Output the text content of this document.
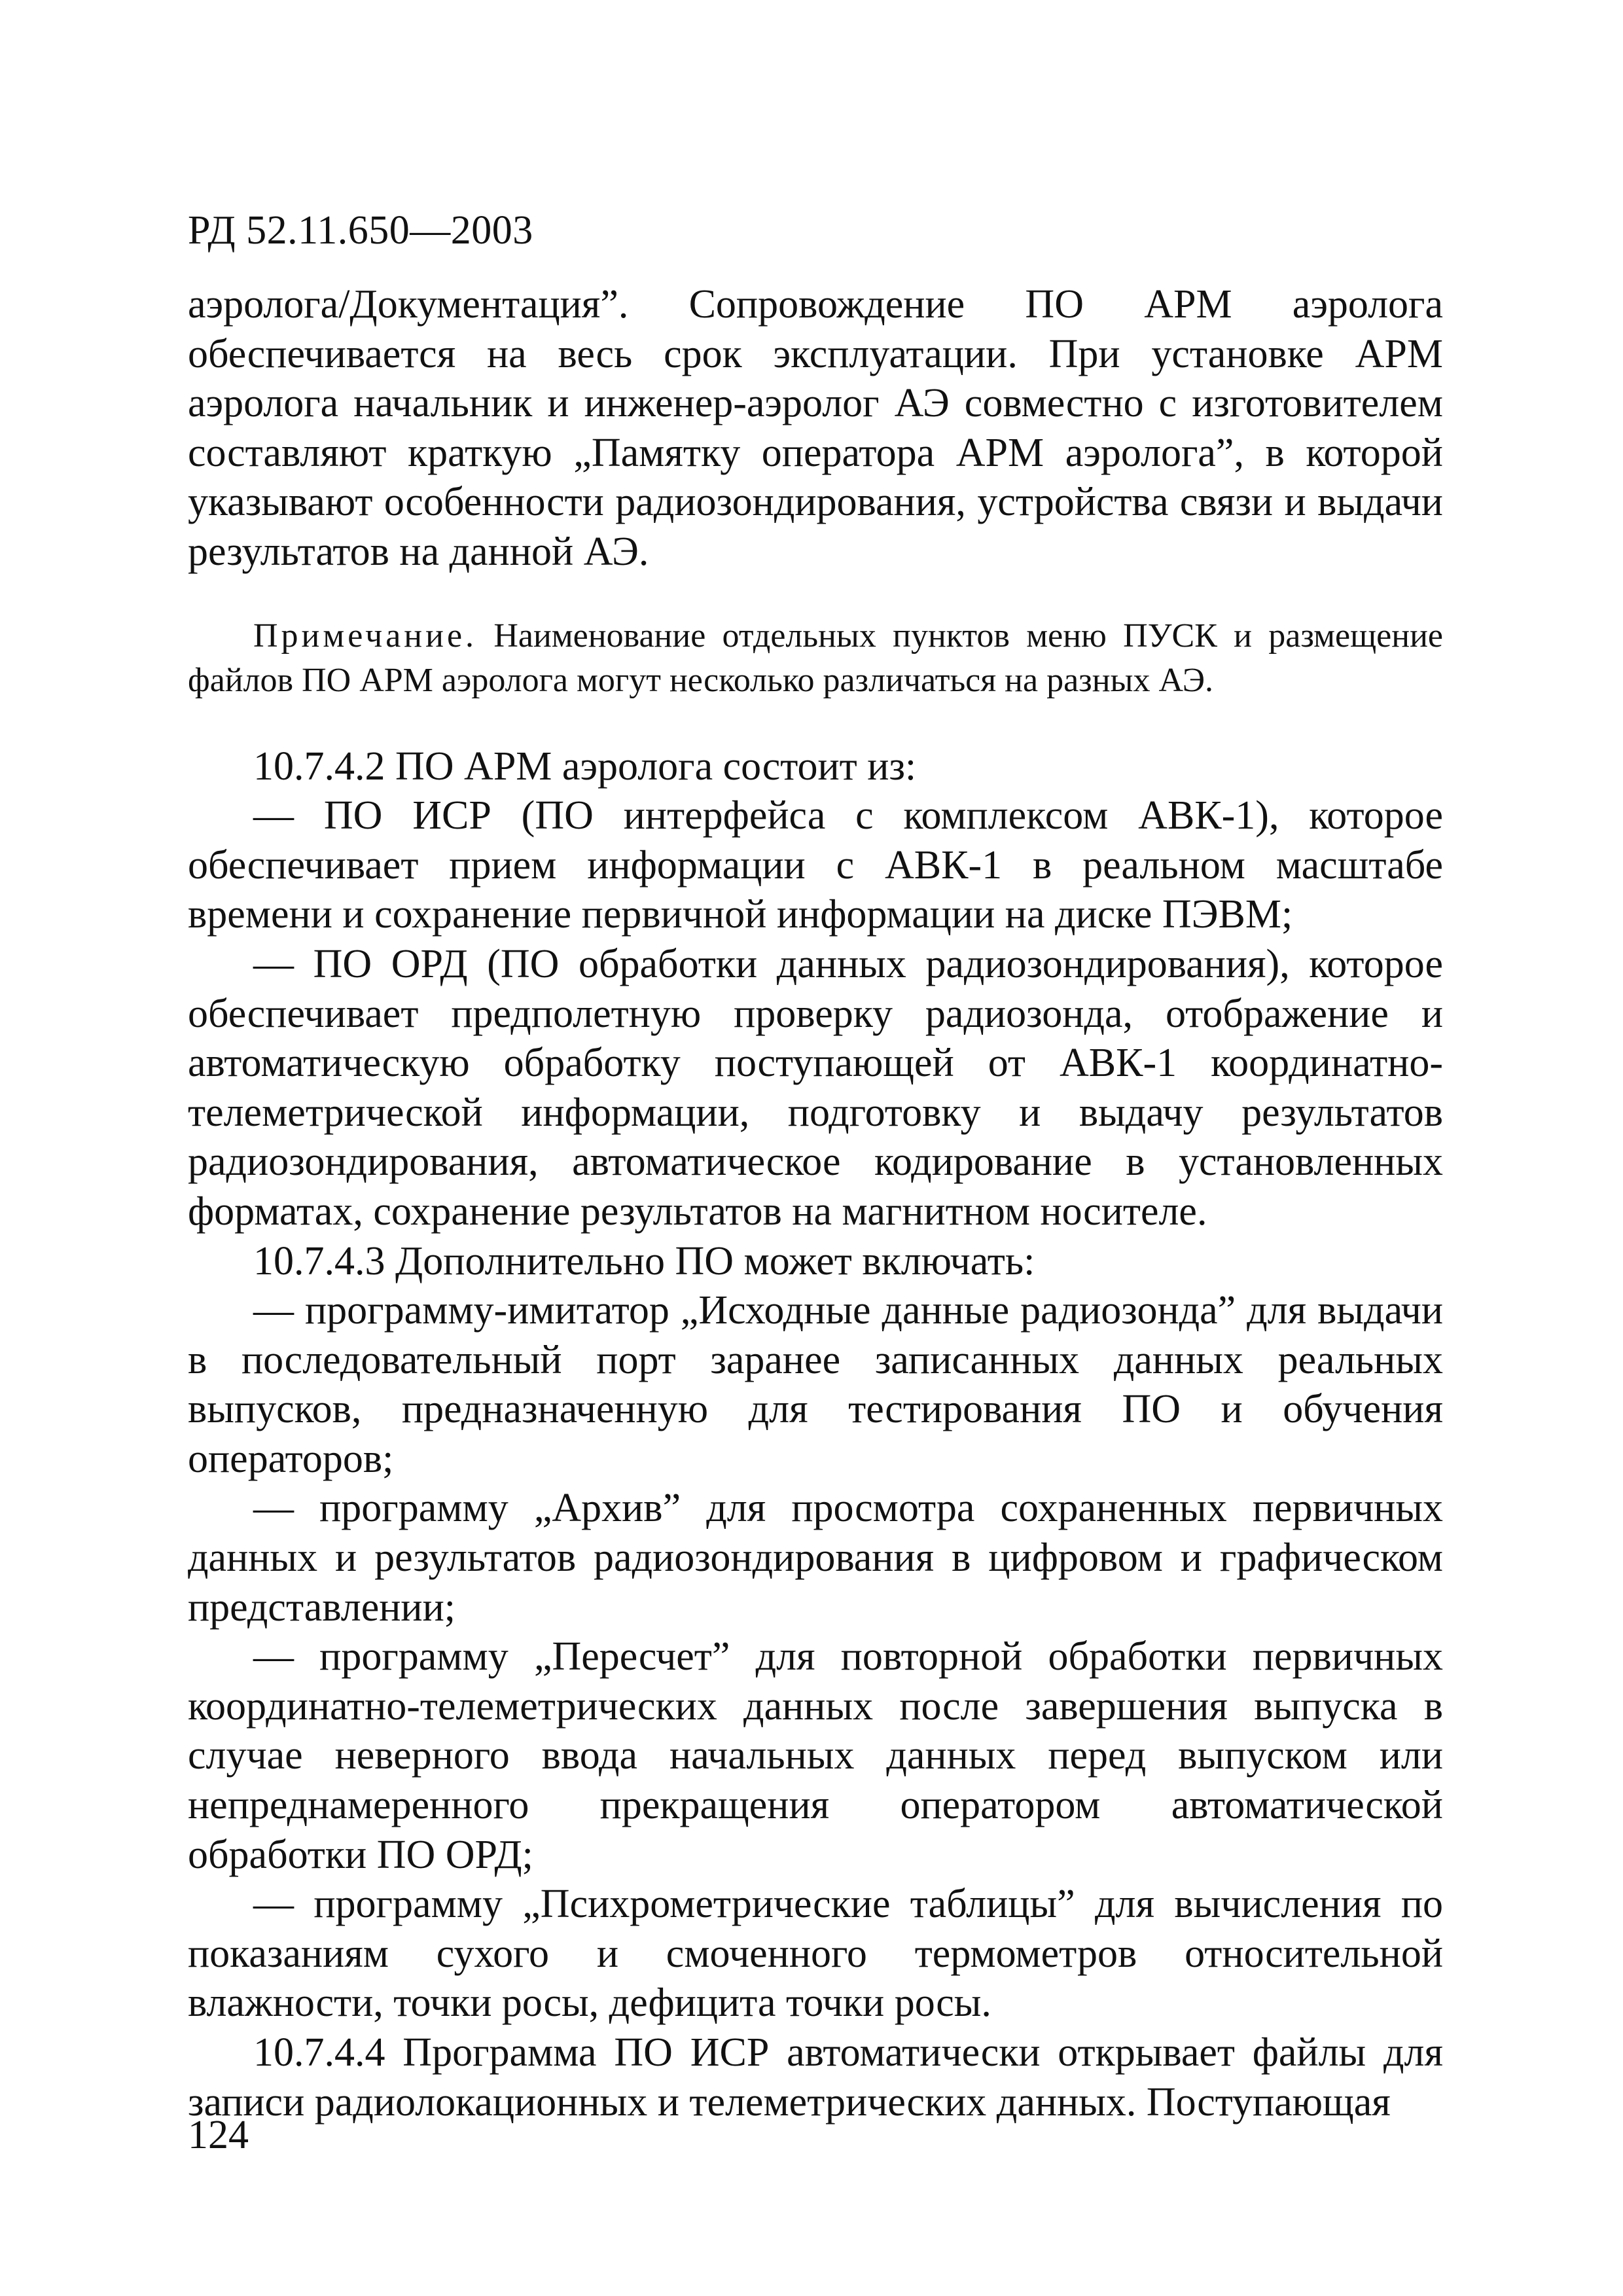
РД 52.11.650—2003

аэролога/Документация”. Сопровождение ПО АРМ аэролога обеспечивается на весь срок эксплуатации. При установке АРМ аэролога начальник и инженер-аэролог АЭ совместно с изготовителем составляют краткую „Памятку оператора АРМ аэролога”, в которой указывают особенности радиозондирования, устройства связи и выдачи результатов на данной АЭ.

Примечание. Наименование отдельных пунктов меню ПУСК и размещение файлов ПО АРМ аэролога могут несколько различаться на разных АЭ.

10.7.4.2 ПО АРМ аэролога состоит из:

— ПО ИСР (ПО интерфейса с комплексом АВК-1), которое обеспечивает прием информации с АВК-1 в реальном масштабе времени и сохранение первичной информации на диске ПЭВМ;

— ПО ОРД (ПО обработки данных радиозондирования), которое обеспечивает предполетную проверку радиозонда, отображение и автоматическую обработку поступающей от АВК-1 координатно-телеметрической информации, подготовку и выдачу результатов радиозондирования, автоматическое кодирование в установленных форматах, сохранение результатов на магнитном носителе.

10.7.4.3 Дополнительно ПО может включать:

— программу-имитатор „Исходные данные радиозонда” для выдачи в последовательный порт заранее записанных данных реальных выпусков, предназначенную для тестирования ПО и обучения операторов;

— программу „Архив” для просмотра сохраненных первичных данных и результатов радиозондирования в цифровом и графическом представлении;

— программу „Пересчет” для повторной обработки первичных координатно-телеметрических данных после завершения выпуска в случае неверного ввода начальных данных перед выпуском или непреднамеренного прекращения оператором автоматической обработки ПО ОРД;

— программу „Психрометрические таблицы” для вычисления по показаниям сухого и смоченного термометров относительной влажности, точки росы, дефицита точки росы.

10.7.4.4 Программа ПО ИСР автоматически открывает файлы для записи радиолокационных и телеметрических данных. Поступающая

124
